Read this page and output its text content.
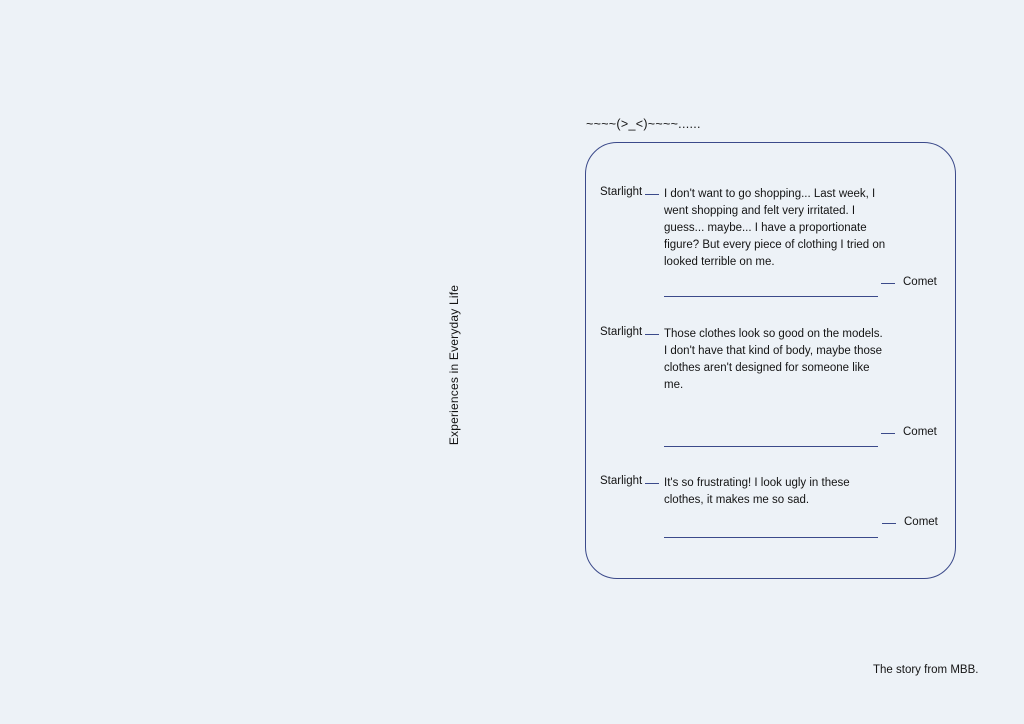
Experiences in Everyday Life
~~~~(>_<)~~~~......
Starlight I don't want to go shopping... Last week, I went shopping and felt very irritated. I guess... maybe... I have a proportionate figure? But every piece of clothing I tried on looked terrible on me.
Comet
Starlight Those clothes look so good on the models. I don't have that kind of body, maybe those clothes aren't designed for someone like me.
Comet
Starlight It's so frustrating! I look ugly in these clothes, it makes me so sad.
Comet
The story from MBB.
